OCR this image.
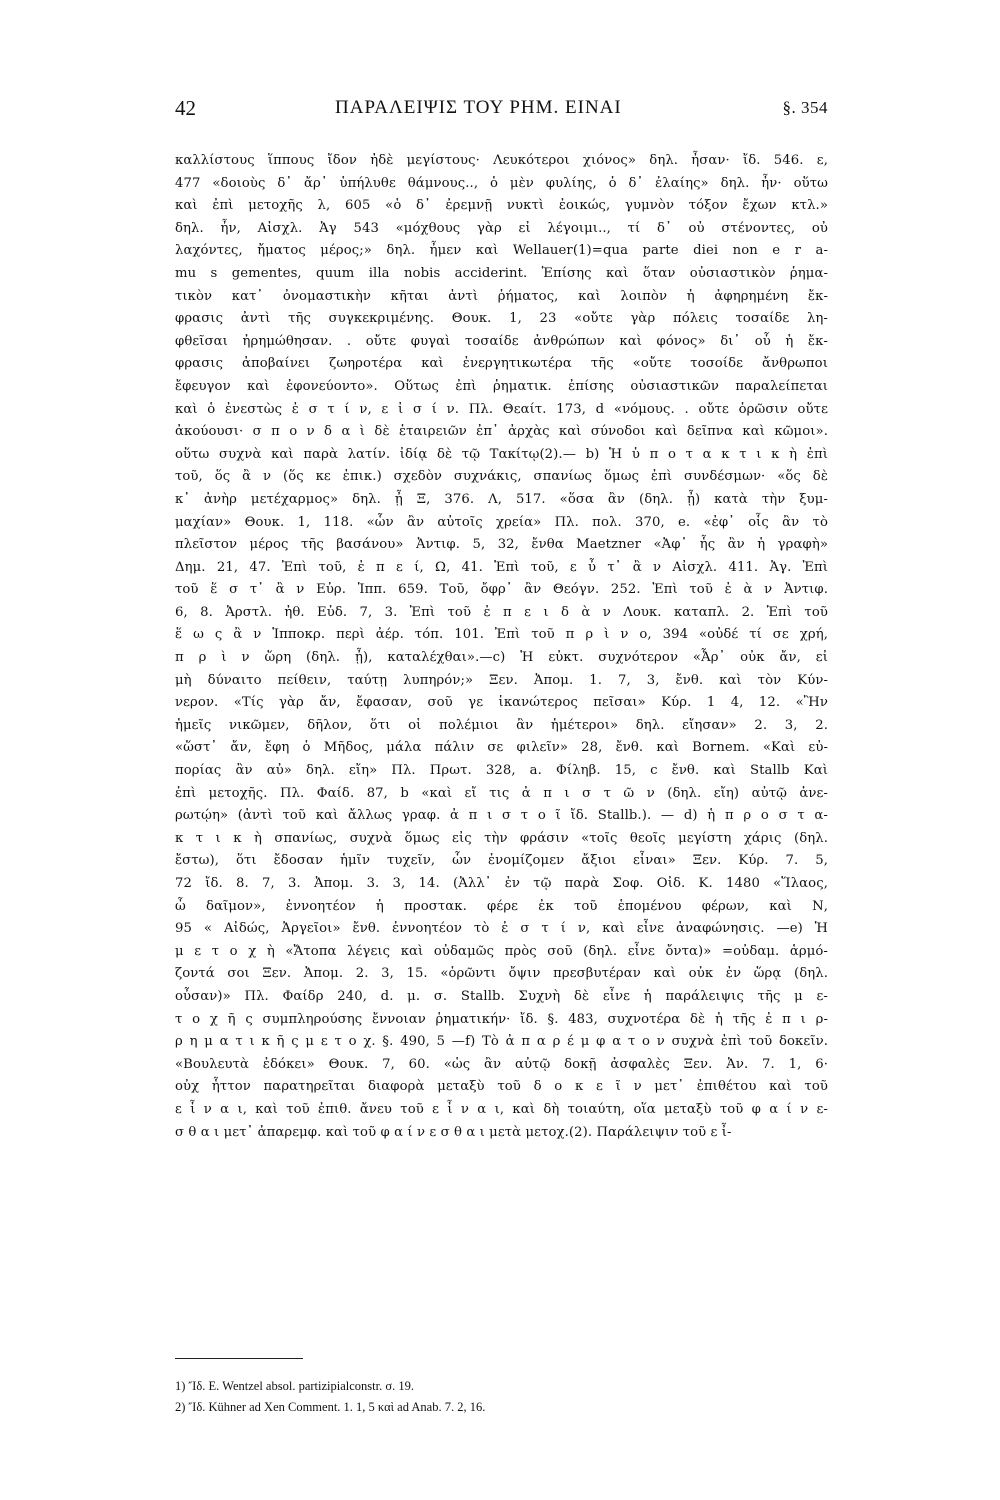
42	ΠΑΡΑΛΕΙΨΙΣ ΤΟΥ ΡΗΜ. ΕΙΝΑΙ	§. 354
καλλίστους ἵππους ἴδον ἠδὲ μεγίστους· Λευκότεροι χιόνος» δηλ. ἦσαν· ἴδ. 546. ε,
477 «δοιοὺς δ᾽ ἄρ᾽ ὑπήλυθε θάμνους.., ὁ μὲν φυλίης, ὁ δ᾽ ἐλαίης» δηλ. ἦν· οὕτω
καὶ ἐπὶ μετοχῆς λ, 605 «ὁ δ᾽ ἐρεμνῇ νυκτὶ ἐοικώς, γυμνὸν τόξον ἔχων κτλ.»
δηλ. ἦν, Αἰσχλ. Ἀγ 543 «μόχθους γὰρ εἰ λέγοιμι.., τί δ᾽ οὐ στένοντες, οὐ
λαχόντες, ἤματος μέρος;» δηλ. ἦμεν καὶ Wellauer(1)=qua parte diei non e r a-
mu s gementes, quum illa nobis acciderint. Ἐπίσης καὶ ὅταν οὐσιαστικὸν ῥημα-
τικὸν κατ᾽ ὀνομαστικὴν κῆται ἀντὶ ῥήματος, καὶ λοιπὸν ἡ ἀφηρημένη ἔκ-
φρασις ἀντὶ τῆς συγκεκριμένης. Θουκ. 1, 23 «οὔτε γὰρ πόλεις τοσαίδε λη-
φθεῖσαι ἠρημώθησαν. . οὔτε φυγαὶ τοσαίδε ἀνθρώπων καὶ φόνος» δι᾽ οὗ ἡ ἔκ-
φρασις ἀποβαίνει ζωηροτέρα καὶ ἐνεργητικωτέρα τῆς «οὔτε τοσοίδε ἄνθρωποι
ἔφευγον καὶ ἐφονεύοντο». Οὕτως ἐπὶ ῥηματικ. ἐπίσης οὐσιαστικῶν παραλείπεται
καὶ ὁ ἐνεστὼς ἐ σ τ ί ν, ε ἰ σ ί ν. Πλ. Θεαίτ. 173, d «νόμους. . οὔτε ὁρῶσιν οὔτε
ἀκούουσι· σ π ο ν δ α ὶ δὲ ἑταιρειῶν ἐπ᾽ ἀρχὰς καὶ σύνοδοι καὶ δεῖπνα καὶ κῶμοι».
οὕτω συχνὰ καὶ παρὰ λατίν. ἰδίᾳ δὲ τῷ Τακίτῳ(2).— b) Ἡ ὑ π ο τ α κ τ ι κ ὴ ἐπὶ
τοῦ, ὅς ἂ ν (ὅς κε ἐπικ.) σχεδὸν συχνάκις, σπανίως ὅμως ἐπὶ συνδέσμων· «ὅς δὲ
κ᾽ ἀνὴρ μετέχαρμος» δηλ. ᾖ Ξ, 376. Λ, 517. «ὅσα ἂν (δηλ. ᾖ) κατὰ τὴν ξυμ-
μαχίαν» Θουκ. 1, 118. «ὧν ἂν αὐτοῖς χρεία» Πλ. πολ. 370, e. «ἐφ᾽ οἷς ἂν τὸ
πλεῖστον μέρος τῆς βασάνου» Ἀντιφ. 5, 32, ἔνθα Maetzner «Ἀφ᾽ ἧς ἂν ἡ γραφὴ»
Δημ. 21, 47. Ἐπὶ τοῦ, ἐ π ε ί, Ω, 41. Ἐπὶ τοῦ, ε ὖ τ᾽ ἂ ν Αἰσχλ. 411. Ἀγ. Ἐπὶ
τοῦ ἕ σ τ᾽ ἂ ν Εὐρ. Ἱππ. 659. Τοῦ, ὄφρ᾽ ἂν Θεόγν. 252. Ἐπὶ τοῦ ἐ ὰ ν Ἀντιφ.
6, 8. Ἀρστλ. ἠθ. Εὐδ. 7, 3. Ἐπὶ τοῦ ἐ π ε ι δ ὰ ν Λουκ. καταπλ. 2. Ἐπὶ τοῦ
ἕ ω ς ἂ ν Ἱπποκρ. περὶ ἀέρ. τόπ. 101. Ἐπὶ τοῦ π ρ ὶ ν ο, 394 «οὐδέ τί σε χρή,
π ρ ὶ ν ὥρη (δηλ. ᾖ), καταλέχθαι».—c) Ἡ εὐκτ. συχνότερον «Ἆρ᾽ οὐκ ἄν, εἰ
μὴ δύναιτο πείθειν, ταύτῃ λυπηρόν;» Ξεν. Ἀπομ. 1. 7, 3, ἔνθ. καὶ τὸν Κύν-
νερον. «Τίς γὰρ ἄν, ἔφασαν, σοῦ γε ἱκανώτερος πεῖσαι» Κύρ. 1 4, 12. «Ἢν
ἡμεῖς νικῶμεν, δῆλον, ὅτι οἱ πολέμιοι ἂν ἡμέτεροι» δηλ. εἴησαν» 2. 3, 2.
«ὥστ᾽ ἄν, ἔφη ὁ Μῆδος, μάλα πάλιν σε φιλεῖν» 28, ἔνθ. καὶ Bornem. «Καὶ εὐ-
πορίας ἂν αὐ» δηλ. εἴη» Πλ. Πρωτ. 328, a. Φίληβ. 15, c ἔνθ. καὶ Stallb Καὶ
ἐπὶ μετοχῆς. Πλ. Φαίδ. 87, b «καὶ εἴ τις ἀ π ι σ τ ῶ ν (δηλ. εἴη) αὐτῷ ἀνε-
ρωτῴη» (ἀντὶ τοῦ καὶ ἄλλως γραφ. ἀ π ι σ τ ο ῖ ἴδ. Stallb.). — d) ἡ π ρ ο σ τ α-
κ τ ι κ ὴ σπανίως, συχνὰ ὅμως εἰς τὴν φράσιν «τοῖς θεοῖς μεγίστη χάρις (δηλ.
ἔστω), ὅτι ἔδοσαν ἡμῖν τυχεῖν, ὧν ἐνομίζομεν ἄξιοι εἶναι» Ξεν. Κύρ. 7. 5,
72 ἴδ. 8. 7, 3. Ἀπομ. 3. 3, 14. (Ἀλλ᾽ ἐν τῷ παρὰ Σοφ. Οἰδ. Κ. 1480 «Ἵλαος,
ὦ δαῖμον», ἐννοητέον ἡ προστακ. φέρε ἐκ τοῦ ἑπομένου φέρων, καὶ Ν,
95 « Αἰδώς, Ἀργεῖοι» ἔνθ. ἐννοητέον τὸ ἐ σ τ ί ν, καὶ εἶνε ἀναφώνησις. —e) Ἡ
μ ε τ ο χ ὴ «Ἄτοπα λέγεις καὶ οὐδαμῶς πρὸς σοῦ (δηλ. εἶνε ὄντα)» =οὐδαμ. ἁρμό-
ζοντά σοι Ξεν. Ἀπομ. 2. 3, 15. «ὁρῶντι ὄψιν πρεσβυτέραν καὶ οὐκ ἐν ὥρᾳ (δηλ.
οὖσαν)» Πλ. Φαίδρ 240, d. μ. σ. Stallb. Συχνὴ δὲ εἶνε ἡ παράλειψις τῆς μ ε-
τ ο χ ῆ ς συμπληρούσης ἔννοιαν ῥηματικήν· ἴδ. §. 483, συχνοτέρα δὲ ἡ τῆς ἐ π ι ρ-
ρ η μ α τ ι κ ῆ ς μ ε τ ο χ. §. 490, 5 —f) Τὸ ἀ π α ρ έ μ φ α τ ο ν συχνὰ ἐπὶ τοῦ δοκεῖν.
«Βουλευτὰ ἐδόκει» Θουκ. 7, 60. «ὡς ἂν αὐτῷ δοκῇ ἀσφαλὲς Ξεν. Ἀν. 7. 1, 6·
οὐχ ἧττον παρατηρεῖται διαφορὰ μεταξὺ τοῦ δ ο κ ε ῖ ν μετ᾽ ἐπιθέτου καὶ τοῦ
ε ἶ ν α ι, καὶ τοῦ ἐπιθ. ἄνευ τοῦ ε ἶ ν α ι, καὶ δὴ τοιαύτη, οἵα μεταξὺ τοῦ φ α ί ν ε-
σ θ α ι μετ᾽ ἀπαρεμφ. καὶ τοῦ φ α ί ν ε σ θ α ι μετὰ μετοχ.(2). Παράλειψιν τοῦ ε ἶ-
1) Ἴδ. E. Wentzel absol. partizipialconstr. σ. 19.
2) Ἴδ. Kühner ad Xen Comment. 1. 1, 5 καὶ ad Anab. 7. 2, 16.
